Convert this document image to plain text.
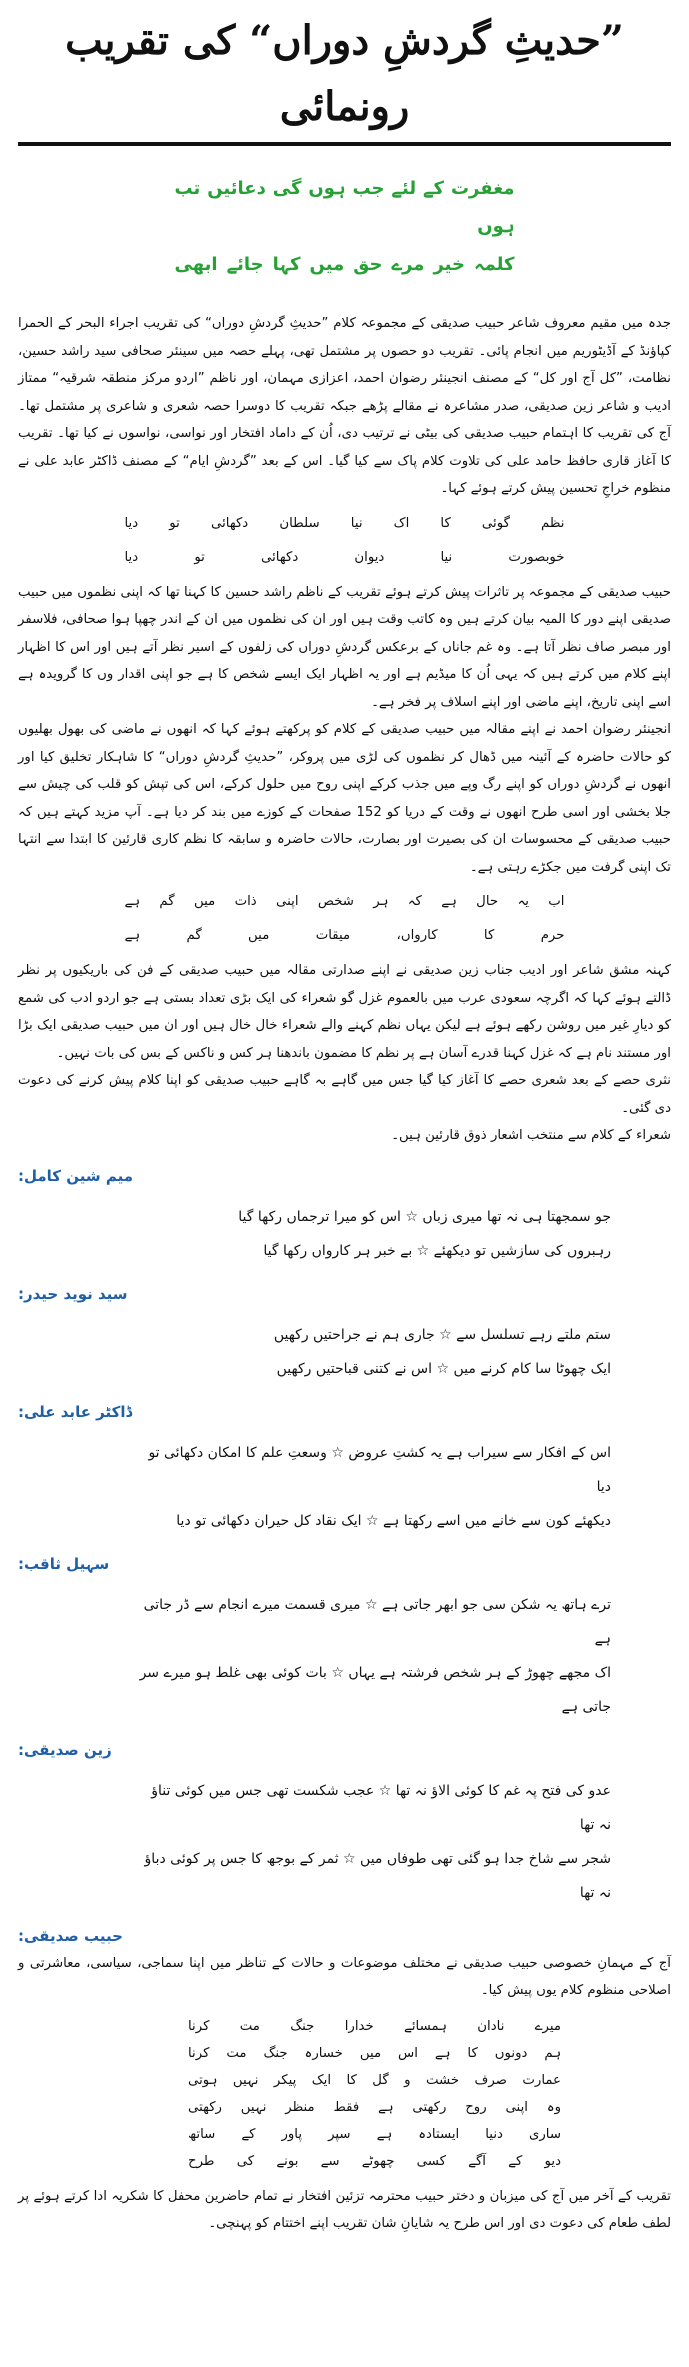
”حدیثِ گردشِ دوراں“ کی تقریب رونمائی
مغفرت کے لئے جب ہوں گی دعائیں تب ہوں
کلمہ خیر مرے حق میں کہا جائے ابھی

جدہ میں مقیم معروف شاعر حبیب صدیقی کے مجموعہ کلام ”حدیثِ گردشِ دوراں“ کی تقریب اجراء البحر کے الحمرا کپاؤنڈ کے آڈیٹوریم میں انجام پائی۔ تقریب دو حصوں پر مشتمل تھی، پہلے حصہ میں سینئر صحافی سید راشد حسین، نظامت، ”کل آج اور کل“ کے مصنف انجینئر رضوان احمد، اعزازی مہمان، اور ناظم ”اردو مرکز منطقہ شرقیہ“ ممتاز ادیب و شاعر زین صدیقی، صدر مشاعرہ نے مقالے پڑھے جبکہ تقریب کا دوسرا حصہ شعری و شاعری پر مشتمل تھا۔ آج کی تقریب کا اہتمام حبیب صدیقی کی بیٹی نے ترتیب دی، اُن کے داماد افتخار اور نواسی، نواسوں نے کیا تھا۔ تقریب کا آغاز قاری حافظ حامد علی کی تلاوت کلام پاک سے کیا گیا۔ اس کے بعد ”گردشِ ایام“ کے مصنف ڈاکٹر عابد علی نے منظوم خراجِ تحسین پیش کرتے ہوئے کہا۔

نظم گوئی کا اک نیا سلطان دکھائی تو دیا
خوبصورت نیا دیوان دکھائی تو دیا

حبیب صدیقی کے مجموعہ پر تاثرات پیش کرتے ہوئے تقریب کے ناظم راشد حسین کا کہنا تھا کہ اپنی نظموں میں حبیب صدیقی اپنے دور کا المیہ بیان کرتے ہیں وہ کاتب وقت ہیں اور ان کی نظموں میں ان کے اندر چھپا ہوا صحافی، فلاسفر اور مبصر صاف نظر آتا ہے۔ وہ غم جاناں کے برعکس گردشِ دوراں کی زلفوں کے اسیر نظر آتے ہیں اور اس کا اظہار اپنے کلام میں کرتے ہیں کہ یہی اُن کا میڈیم ہے اور یہ اظہار ایک ایسے شخص کا ہے جو اپنی اقدار وں کا گرویدہ ہے اسے اپنی تاریخ، اپنے ماضی اور اپنے اسلاف پر فخر ہے۔

انجینئر رضوان احمد نے اپنے مقالہ میں حبیب صدیقی کے کلام کو پرکھتے ہوئے کہا کہ انھوں نے ماضی کی بھول بھلیوں کو حالات حاضرہ کے آئینہ میں ڈھال کر نظموں کی لڑی میں پروکر، ”حدیثِ گردشِ دوراں“ کا شاہکار تخلیق کیا اور انھوں نے گردشِ دوراں کو اپنے رگ وپے میں جذب کرکے اپنی روح میں حلول کرکے، اس کی تپش کو قلب کی چیش سے جلا بخشی اور اسی طرح انھوں نے وقت کے دریا کو 152 صفحات کے کوزے میں بند کر دیا ہے۔ آپ مزید کہتے ہیں کہ حبیب صدیقی کے محسوسات ان کی بصیرت اور بصارت، حالات حاضرہ و سابقہ کا نظم کاری قارئین کا ابتدا سے انتہا تک اپنی گرفت میں جکڑے رہتی ہے۔

اب یہ حال ہے کہ ہر شخص اپنی ذات میں گم ہے
حرم کا کارواں، میقات میں گم ہے

کہنہ مشق شاعر اور ادیب جناب زین صدیقی نے اپنے صدارتی مقالہ میں حبیب صدیقی کے فن کی باریکیوں پر نظر ڈالتے ہوئے کہا کہ اگرچہ سعودی عرب میں بالعموم غزل گو شعراء کی ایک بڑی تعداد بستی ہے جو اردو ادب کی شمع کو دیارِ غیر میں روشن رکھے ہوئے ہے لیکن یہاں نظم کہنے والے شعراء خال خال ہیں اور ان میں حبیب صدیقی ایک بڑا اور مستند نام ہے کہ غزل کہنا قدرے آسان ہے پر نظم کا مضمون باندھنا ہر کس و ناکس کے بس کی بات نہیں۔

نثری حصے کے بعد شعری حصے کا آغاز کیا گیا جس میں گاہے بہ گاہے حبیب صدیقی کو اپنا کلام پیش کرنے کی دعوت دی گئی۔

شعراء کے کلام سے منتخب اشعار ذوق قارئین ہیں۔

میم شین کامل:
جو سمجھتا ہی نہ تھا میری زباں ☆ اس کو میرا ترجماں رکھا گیا
رہبروں کی سازشیں تو دیکھئے ☆ بے خبر ہر کارواں رکھا گیا
سید نوید حیدر:
ستم ملتے رہے تسلسل سے ☆ جاری ہم نے جراحتیں رکھیں
ایک چھوٹا سا کام کرنے میں ☆ اس نے کتنی قباحتیں رکھیں
ڈاکٹر عابد علی:
اس کے افکار سے سیراب ہے یہ کشتِ عروض ☆ وسعتِ علم کا امکان دکھائی تو دیا
دیکھئے کون سے خانے میں اسے رکھتا ہے ☆ ایک نقاد کل حیران دکھائی تو دیا
سہیل ثاقب:
ترے ہاتھ یہ شکن سی جو ابھر جاتی ہے ☆ میری قسمت میرے انجام سے ڈر جاتی ہے
اک مجھے چھوڑ کے ہر شخص فرشتہ ہے یہاں ☆ بات کوئی بھی غلط ہو میرے سر جاتی ہے
زین صدیقی:
عدو کی فتح پہ غم کا کوئی الاؤ نہ تھا ☆ عجب شکست تھی جس میں کوئی تناؤ نہ تھا
شجر سے شاخ جدا ہو گئی تھی طوفاں میں ☆ ثمر کے بوجھ کا جس پر کوئی دباؤ نہ تھا
حبیب صدیقی:

آج کے مہمانِ خصوصی حبیب صدیقی نے مختلف موضوعات و حالات کے تناظر میں اپنا سماجی، سیاسی، معاشرتی و اصلاحی منظوم کلام یوں پیش کیا۔

میرے نادان ہمسائے خدارا جنگ مت کرنا
ہم دونوں کا ہے اس میں خسارہ جنگ مت کرنا
عمارت صرف خشت و گل کا ایک پیکر نہیں ہوتی
وہ اپنی روح رکھتی ہے فقط منظر نہیں رکھتی
ساری دنیا ایستادہ ہے سپر پاور کے ساتھ
دیو کے آگے کسی چھوٹے سے بونے کی طرح

تقریب کے آخر میں آج کی میزبان و دختر حبیب محترمہ تزئین افتخار نے تمام حاضرین محفل کا شکریہ ادا کرتے ہوئے پر لطف طعام کی دعوت دی اور اس طرح یہ شایانِ شان تقریب اپنے اختتام کو پہنچی۔
